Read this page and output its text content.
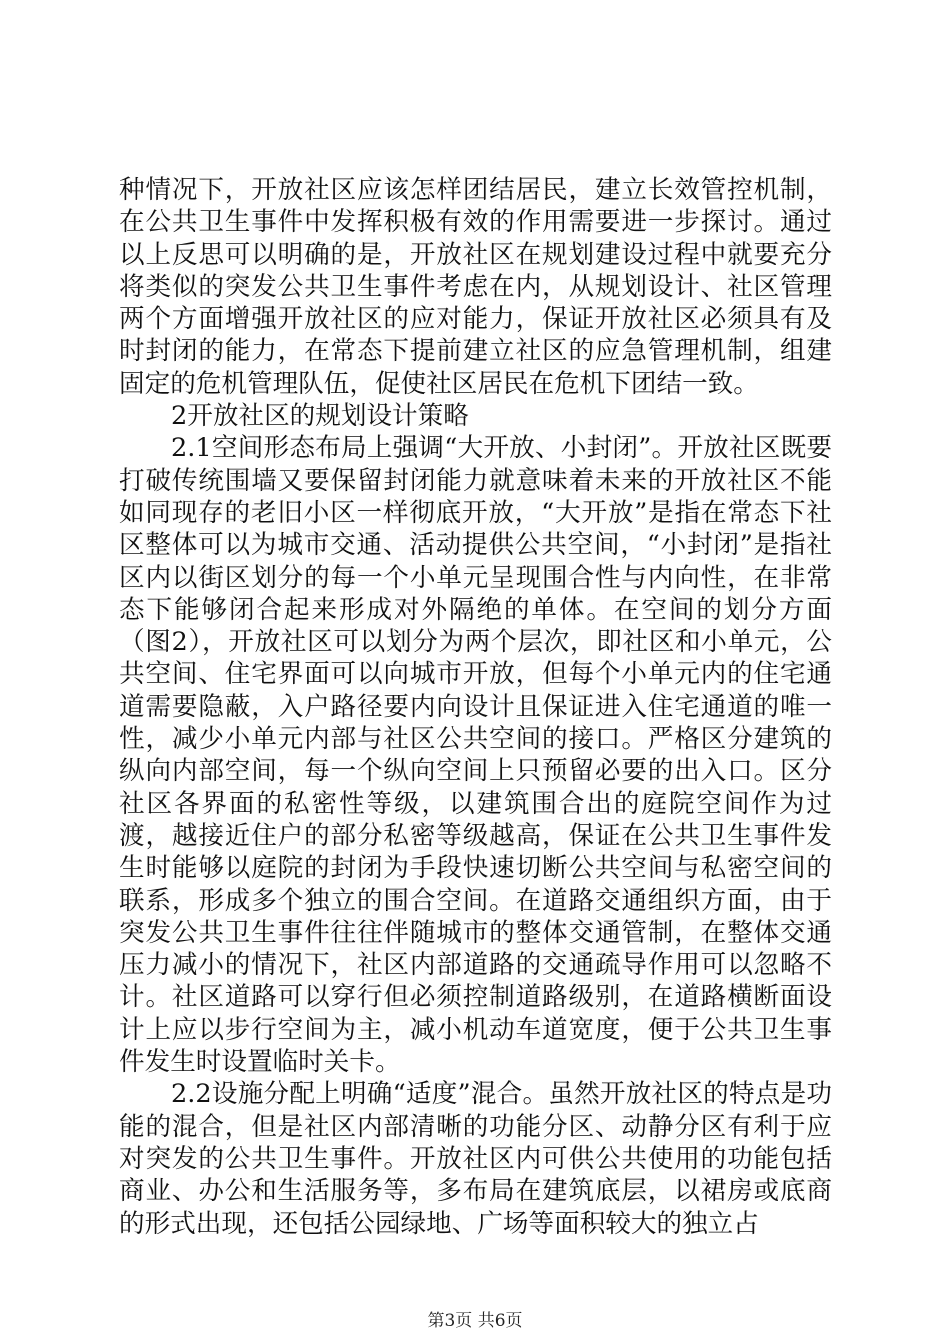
种情况下，开放社区应该怎样团结居民，建立长效管控机制，在公共卫生事件中发挥积极有效的作用需要进一步探讨。通过以上反思可以明确的是，开放社区在规划建设过程中就要充分将类似的突发公共卫生事件考虑在内，从规划设计、社区管理两个方面增强开放社区的应对能力，保证开放社区必须具有及时封闭的能力，在常态下提前建立社区的应急管理机制，组建固定的危机管理队伍，促使社区居民在危机下团结一致。

2开放社区的规划设计策略

2.1空间形态布局上强调“大开放、小封闭”。开放社区既要打破传统围墙又要保留封闭能力就意味着未来的开放社区不能如同现存的老旧小区一样彻底开放，“大开放”是指在常态下社区整体可以为城市交通、活动提供公共空间，“小封闭”是指社区内以街区划分的每一个小单元呈现围合性与内向性，在非常态下能够闭合起来形成对外隔绝的单体。在空间的划分方面（图2），开放社区可以划分为两个层次，即社区和小单元，公共空间、住宅界面可以向城市开放，但每个小单元内的住宅通道需要隐蔽，入户路径要内向设计且保证进入住宅通道的唯一性，减少小单元内部与社区公共空间的接口。严格区分建筑的纵向内部空间，每一个纵向空间上只预留必要的出入口。区分社区各界面的私密性等级，以建筑围合出的庭院空间作为过渡，越接近住户的部分私密等级越高，保证在公共卫生事件发生时能够以庭院的封闭为手段快速切断公共空间与私密空间的联系，形成多个独立的围合空间。在道路交通组织方面，由于突发公共卫生事件往往伴随城市的整体交通管制，在整体交通压力减小的情况下，社区内部道路的交通疏导作用可以忽略不计。社区道路可以穿行但必须控制道路级别，在道路横断面设计上应以步行空间为主，减小机动车道宽度，便于公共卫生事件发生时设置临时关卡。

2.2设施分配上明确“适度”混合。虽然开放社区的特点是功能的混合，但是社区内部清晰的功能分区、动静分区有利于应对突发的公共卫生事件。开放社区内可供公共使用的功能包括商业、办公和生活服务等，多布局在建筑底层，以裙房或底商的形式出现，还包括公园绿地、广场等面积较大的独立占

第3页 共6页
